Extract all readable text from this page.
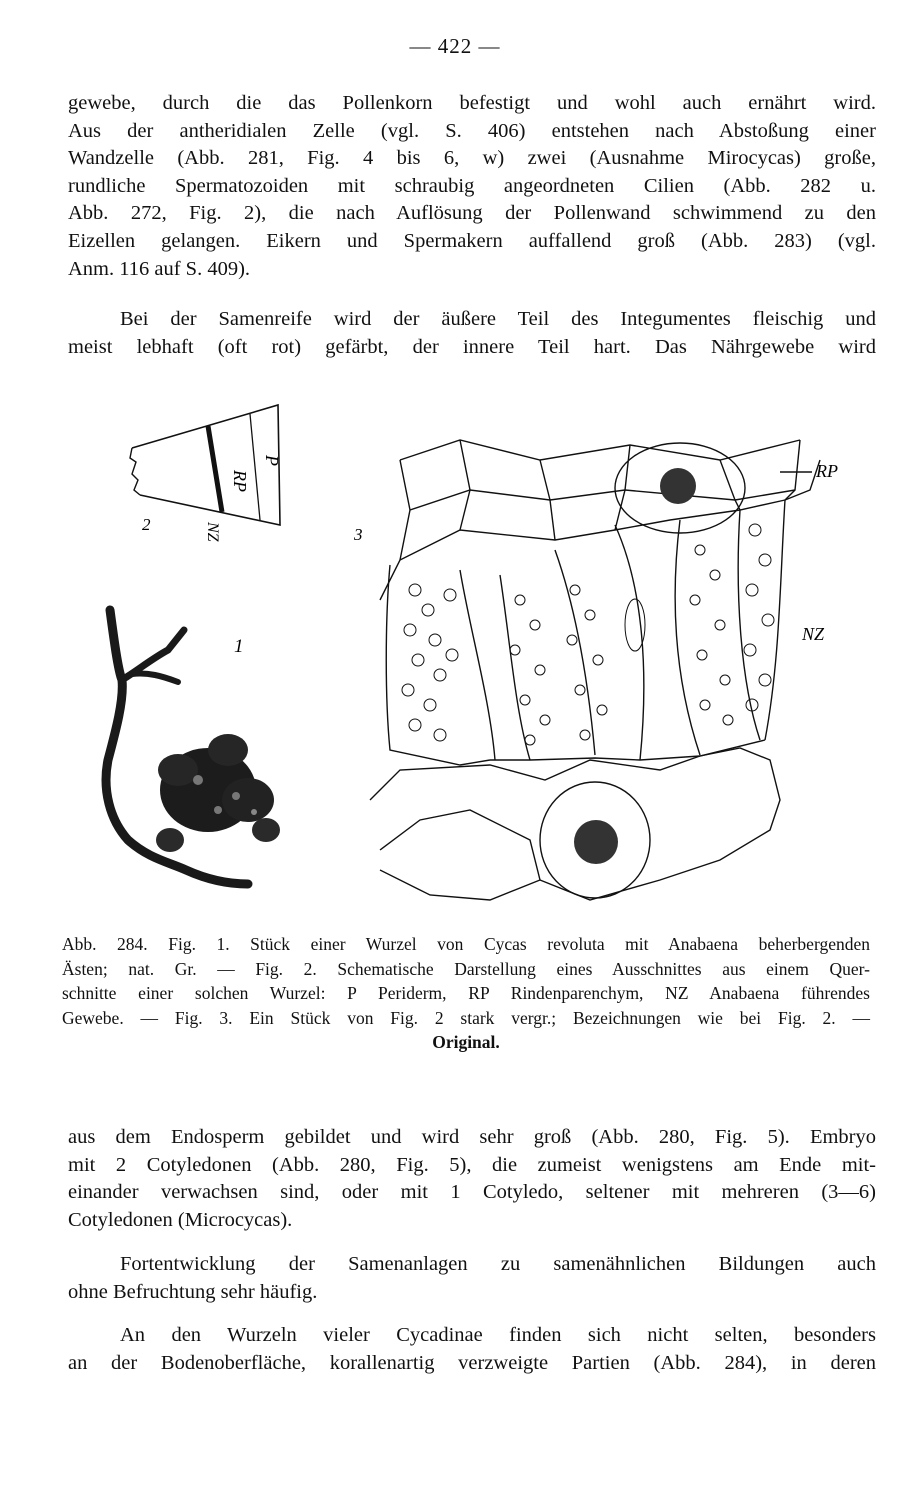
— 422 —
gewebe, durch die das Pollenkorn befestigt und wohl auch ernährt wird.
Aus der antheridialen Zelle (vgl. S. 406) entstehen nach Abstoßung einer
Wandzelle (Abb. 281, Fig. 4 bis 6, w) zwei (Ausnahme Mirocycas) große,
rundliche Spermatozoiden mit schraubig angeordneten Cilien (Abb. 282 u.
Abb. 272, Fig. 2), die nach Auflösung der Pollenwand schwimmend zu den
Eizellen gelangen. Eikern und Spermakern auffallend groß (Abb. 283) (vgl.
Anm. 116 auf S. 409).
Bei der Samenreife wird der äußere Teil des Integumentes fleischig und
meist lebhaft (oft rot) gefärbt, der innere Teil hart. Das Nährgewebe wird
RP
P
NZ
2
1
RP
NZ
3
Abb. 284. Fig. 1. Stück einer Wurzel von Cycas revoluta mit Anabaena beherbergenden
Ästen; nat. Gr. — Fig. 2. Schematische Darstellung eines Ausschnittes aus einem Quer-
schnitte einer solchen Wurzel: P Periderm, RP Rindenparenchym, NZ Anabaena führendes
Gewebe. — Fig. 3. Ein Stück von Fig. 2 stark vergr.; Bezeichnungen wie bei Fig. 2. —
Original.
aus dem Endosperm gebildet und wird sehr groß (Abb. 280, Fig. 5). Embryo
mit 2 Cotyledonen (Abb. 280, Fig. 5), die zumeist wenigstens am Ende mit-
einander verwachsen sind, oder mit 1 Cotyledo, seltener mit mehreren (3—6)
Cotyledonen (Microcycas).
Fortentwicklung der Samenanlagen zu samenähnlichen Bildungen auch
ohne Befruchtung sehr häufig.
An den Wurzeln vieler Cycadinae finden sich nicht selten, besonders
an der Bodenoberfläche, korallenartig verzweigte Partien (Abb. 284), in deren
